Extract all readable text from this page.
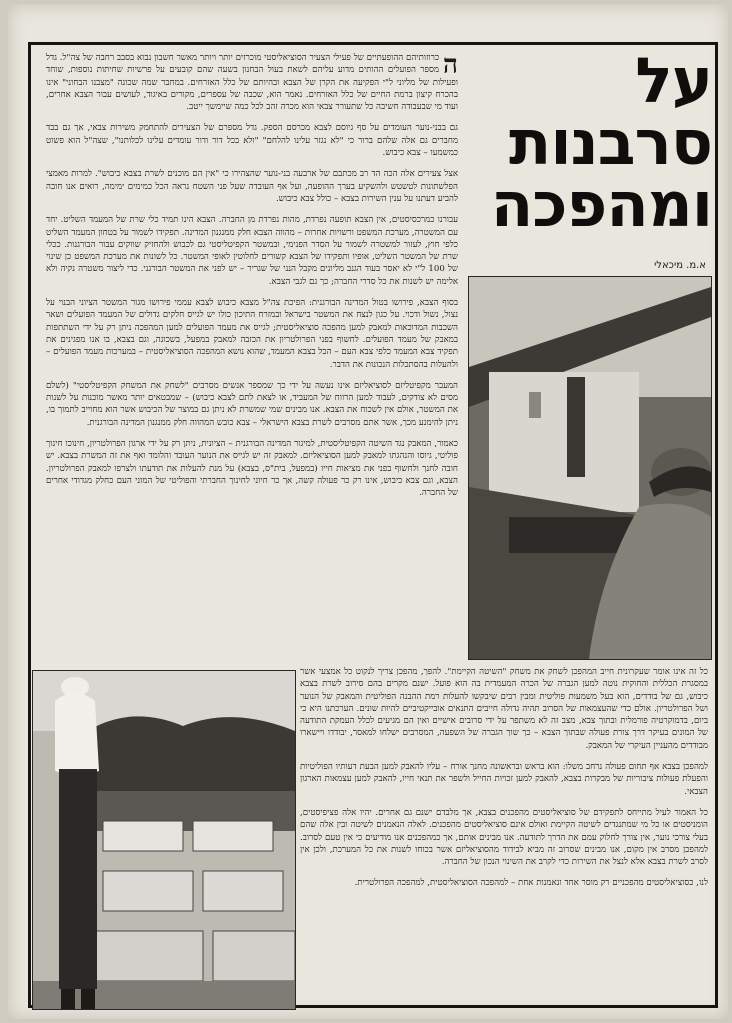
על
סרבנות
ומהפכה
א.מ. מיכאלי

ה
כרוזותיהם ההופעתיים של פעילי הצעיר הסוציאליסטי מוכרזים יותר ויותר מאשר חשבון נבוא בסבב רחבה של צה"ל. גדל מספר הפועלים ההותים מדוע עליהם לשאת בעול הבחנון בשעה שהם קובעים על פרשיות שחיתות נוספות, שוחד ופעילות של מליוני ל"י הפקיעה את הקרן של הצבא ובהיותם של כלל האזרחים. במחבר שמה שכונה "מצבנו הבחוני" אינו בהכרח קיצון ברמת החיים של כלל האזרחים. נאמר הוא, שכבה של עספרים, מקורים באיגוד, לעושים עבור הצבא אחרים, ועוד מי שבעבודה חשיבה כל שתעורר צבאי הוא מכרה זהב לכל כמה שיימשך ייטב.

גם בבני-נוער העומדים על סף גיוסם לצבא מכרסם הספק. גדל מספרם של הצעירים להתחמק משירות צבאי, אך גם בבד מחברים גם אלה שלהם ברור כי "לא נגזר עלינו להלחם" "ולא בכל דור ודור עומדים עלינו לכלותנו", שצה"ל הוא פשוט כמשמעו – צבא כיבוש.

אצל צעירים אלה הכה הד רב מכתבם של ארבעה בני-נוער שהצהירו כי "אין הם מוכנים לשרת בצבא כיבוש". למרות מאמצי הפלשתונות לטשטש ולהשקיע בערך ההופעה, ועל אף העובדה שעל פני השטח נראה הכל כמימים ימימה, רואים אנו חובה להביע דעתנו על ענין השירות בצבא – כולל צבא כיבוש.

עבורנו כמרכסיסטים, אין הצבא תופעה נפרדת, מהות נפרדת מן החברה. הצבא הינו תמיד כלי שרת של המעמד השליט. יחד עם המשטרה, מערכת המשפט ורשויות אחרות – מהווה הצבא חלק ממנגנון המדינה. תפקידו לשמור על בטחון המעמד השליט כלפי חוץ, לעזור למשטרה לשמור על הסדר הפנימי, ובמשטר הקפיטליסטי גם לכבוש ולהחזיק שווקים עבור הבורגנות. ככלי שרת של המשטר השליט, אופיו ותפקידו של הצבא קשורים לחלוטין לאופי המשטר. כל לשונות את מערכת המשפט כן שינוי של 100 ל"י לא יאסר בעוד הגנב מליונים מקבל הנני של שגריר – יש לפני את המשטר הבורגני. כדי ליצור משטרה נקיה ולא אלימה יש לשנות את כל סדרי החברה; כך גם לגבי הצבא.

בסוף הצבא, פירושו בטול המדינה הבורגנית: הפיכת צה"ל מצבא כיבוש לצבא עממי פירושו מגור המשטר הציוני הבנוי על נצול, נשול ודכוי. על כגון לנצח את המשטר בישראל ובמזרח התיכון כולו יש לגייס חלקים גדולים של המעמד הפועלים ושאר השכבות המדוכאות למאבק למען מהפכה סוציאליסטית; לגייס את מעמד הפועלים למען המהפכה ניתן רק על ידי השתתפות במאבק של מעמד הפועלים. לחשוף בפני הפרולטריון את הכזבה למאבק במפעל, בשכונה, וגם בצבא, בו אנו מפגינים את תפקיד צבא המעמד כלפי צבא העם – הכל בצבא המעמד, שהוא נושא המהפכה הסוציאליסטית – במערכות מעמד הפועלים – ולהעלות בהסתכלות הנכונות את הדבר.

המעבר מקפיטליזם לסוציאליזם אינו נעשה על ידי כך שמספר אנשים מסרבים "לשחק את המשחק הקפיטליסטי" (לשלם מסים לא צודקים, לעבוד למען הרווח של המעביד, או לצאת לתם לצבא כיבוש) – שמבטאים יותר מאשר מוכנות על לשנות את המשטר, אולם אין לשכוח את הצבא. אנו מבינים שמי שמשרת לא ניתן גם במוצר של הכיבוש אשר הוא מחוייב לתמוך בו, ניתן להימנע מכך, אשר אתם מסרבים לשרת בצבא הישראלי – צבא כובש המהווה חלק ממנגנון המדינה הבורגנית.

כאמור, המאבק נגד השיטה הקפיטליסטית, למיגור המדינה הבורגנית – הציונית, ניתן רק על ידי ארגון הפרולטריון, חינוכו חינוך פוליטי, גיוסו והנהגתו למאבק למען הסוציאליזם. למאבק זה יש לגייס את הנוער העובד והלומד ואף את זה המשרת בצבא. יש חובה לחנך ולחשוף בפני את מציאות חייו (במפעל, בית"ס, בצבא) על מנת להעלות את תודעתו ולצרפו למאבק הפרולטריון. הצבא, וגם צבא כיבוש, אינו רק כר פעולה קשה, אך כר חיוני לחינוך החברתי והפוליטי של המוני העם כחלק מגדודי אחרים של החברה.

כל זה אינו אומר שעקרונית חייב המהפכן לשחק את משחק "השיטה הקיימת". להפך, מהפכן צריך לנקוט כל אמצעי אשר במסגרת הכללית והחוקית נוטה למען הגברה של הכרה המעמדית בה הוא פועל. ישנם מקרים בהם סירוב לשרת בצבא כיבוש, גם של בודדים, הוא בעל משמעות פוליטית ומבין רבים שיבקשו להעלות רמת ההבנה הפוליטית והמאבק של הנוער ושל הפרולטריון. אולם כדי שהעצמאות של הסרוב תהיה גדולה חייבים התנאים אובייקטיביים להיות שונים. הערכתנו היא כי ביום, בדמוקרטיה פורמלית ובתוך צבא, מצב זה לא משתפר על ידי סרובים אישיים ואין הם מגיעים לכלל העמקת התודעה של המונים בעיקר דרך צורת פעולה שבתוך הצבא – כך שוך הגברה של השפעה, המסרבים ישלחו למאסר, יבודדו ויישארו מבודדים מהעניין העיקרי של המאבק.

למהפכן בצבא אף תחום פעולה נרחב משלו: הוא בראש ובראשונה מחנך אורח – עליו להאבק למען הבעת דעותיו הפוליטיות והפעלת פעולות ציבוריות של מבקרות בצבא, להאבק למען זכויות החייל ולשפר את תנאי חייו, להאבק למען עצמאות הארגון הצבאי.

כל האמור לעיל מתייחס לתפקידם של סוציאליסטים מהפכנים בצבא, אך מלבדם ישנם גם אחרים. יהיו אלה פציפיסטים, הומניסטים או כל מי שמתנגדים לשיטה הקיימת ואולם אינם סוציאליסטים מהפכנים. לאלה הנאמנים לשיטה ובין אלה שהם בעלי צורכי נוער, אין צורך לחלוק עמם את הדרך לתודעה. אנו מבינים אותם, אך כמהפכנים אנו מודיעים כי אין טעם לסרוב. למהפכן מסרב אין מקום, אנו מבינים שסרוב זה מביא לבידוד מהסוציאליזם אשר בכוחו לשנות את כל המערכת, ולכן אין לסרב לשרת בצבא אלא לנצל את השירות כדי לקרב את השינוי הנכון של החברה.

לנו, כסוציאליסטים מהפכניים רק מוסר אחד ונאמנות אחת – למהפכה הסוציאליסטית, למהפכה הפרולטרית.
